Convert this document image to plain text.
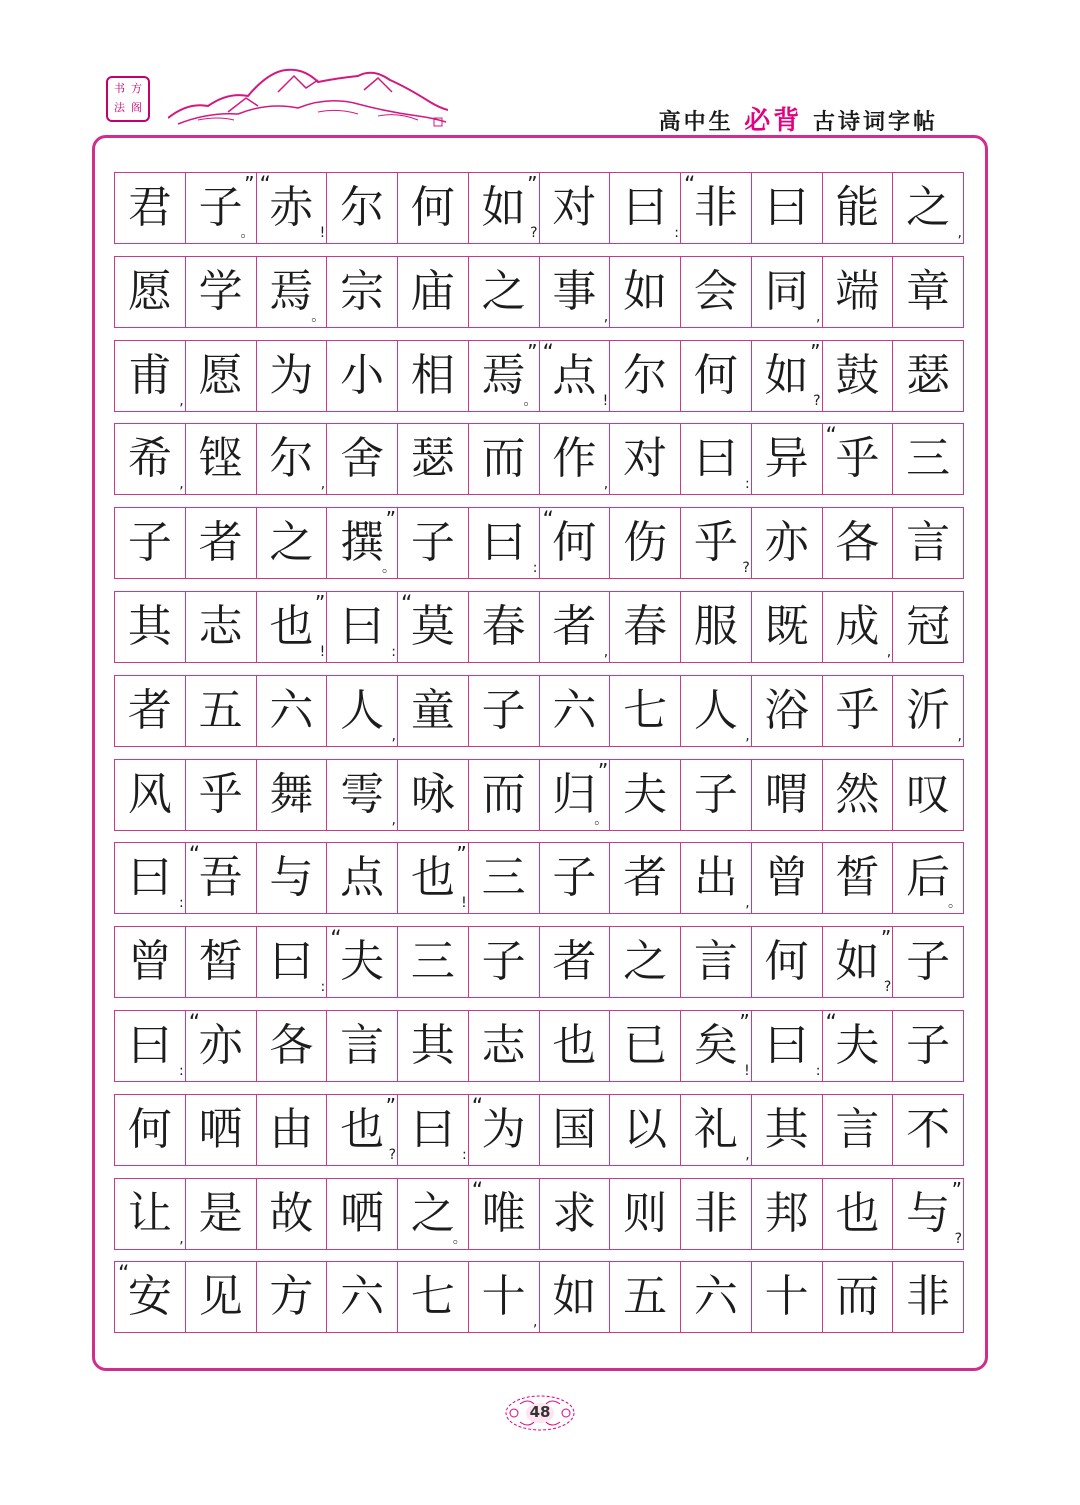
书 方
法 阁
高中生 必背 古诗词字帖
君 子 ”
。 赤
“
! 尔 何 如 ”
? 对 曰 : 非
“ 曰 能 之 ,
愿 学 焉
。 宗 庙 之 事 , 如 会 同 , 端 章
甫 , 愿 为 小 相 焉 ”
。 点
“
! 尔 何 如 ”
? 鼓 瑟
希 , 铿 尔 , 舍 瑟 而 作 , 对 曰 : 异 乎
“ 三
子 者 之 撰 ”
。 子 曰 : 何
“ 伤 乎 ? 亦 各 言
其 志 也 ”
! 曰 : 莫
“ 春 者 , 春 服 既 成 , 冠
者 五 六 人 , 童 子 六 七 人 , 浴 乎 沂 ,
风 乎 舞 雩 , 咏 而 归 ”
。 夫 子 喟 然 叹
曰 : 吾
“ 与 点 也 ”
! 三 子 者 出 , 曾 皙 后
。
曾 皙 曰 : 夫
“ 三 子 者 之 言 何 如 ”
? 子
曰 : 亦
“ 各 言 其 志 也 已 矣 ”
! 曰 : 夫
“ 子
何 哂 由 也 ”
? 曰 : 为
“ 国 以 礼 , 其 言 不
让 , 是 故 哂 之
。 唯
“ 求 则 非 邦 也 与 ”
?
安
“ 见 方 六 七 十 , 如 五 六 十 而 非
48
